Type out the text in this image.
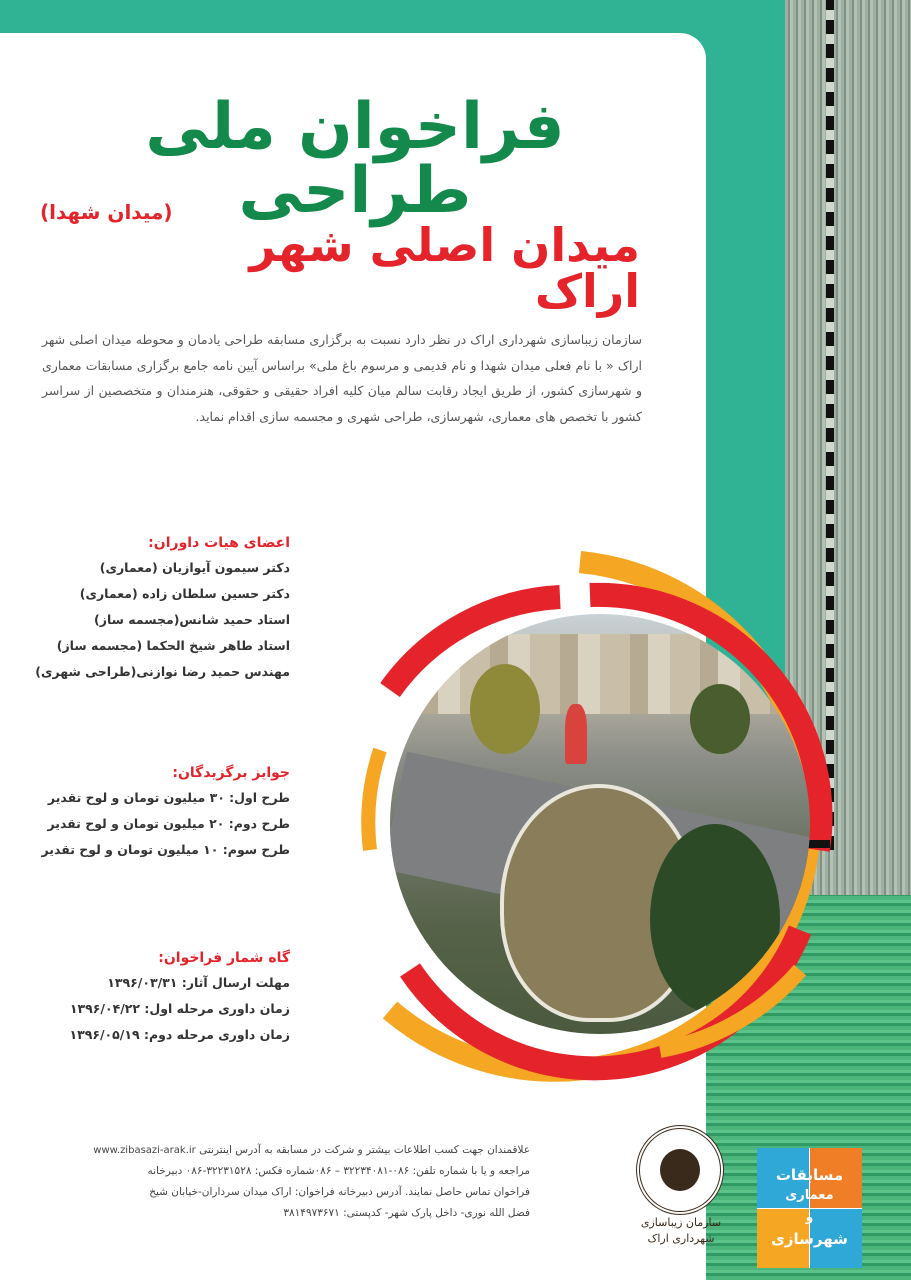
فراخوان ملی طراحی
(میدان شهدا)
میدان اصلی شهر اراک
سازمان زیباسازی شهرداری اراک در نظر دارد نسبت به برگزاری مسابقه طراحی یادمان و محوطه میدان اصلی شهر اراک « با نام فعلی میدان شهدا و نام قدیمی و مرسوم باغ ملی» براساس آیین نامه جامع برگزاری مسابقات معماری و شهرسازی کشور، از طریق ایجاد رقابت سالم میان کلیه افراد حقیقی و حقوقی، هنرمندان و متخصصین از سراسر کشور با تخصص های معماری، شهرسازی، طراحی شهری و مجسمه سازی اقدام نماید.
اعضای هیات داوران:
دکتر سیمون آیوازیان (معماری)
دکتر حسین سلطان زاده (معماری)
استاد حمید شانس(مجسمه ساز)
استاد طاهر شیخ الحکما (مجسمه ساز)
مهندس حمید رضا نوازنی(طراحی شهری)
جوایز برگزیدگان:
طرح اول: ۳۰ میلیون تومان و لوح تقدیر
طرح دوم: ۲۰ میلیون تومان و لوح تقدیر
طرح سوم: ۱۰ میلیون تومان و لوح تقدیر
گاه شمار فراخوان:
مهلت ارسال آثار: ۱۳۹۶/۰۳/۳۱
زمان داوری مرحله اول: ۱۳۹۶/۰۴/۲۲
زمان داوری مرحله دوم: ۱۳۹۶/۰۵/۱۹
علاقمندان جهت کسب اطلاعات بیشتر و شرکت در مسابقه به آدرس اینترنتی www.zibasazi-arak.ir
مراجعه و یا با شماره تلفن: ۰۸۶-۳۲۲۳۴۰۸۱ – ۰۸۶شماره فکس: ۳۲۲۳۱۵۲۸-۰۸۶ دبیرخانه
فراخوان تماس حاصل نمایند. آدرس دبیرخانه فراخوان: اراک میدان سرداران-خیابان شیخ
فضل الله نوری- داخل پارک شهر- کدپستی: ۳۸۱۴۹۷۳۶۷۱
سازمان زیباسازی
شهرداری اراک
مسابقات
معماری
و
شهرسازی
